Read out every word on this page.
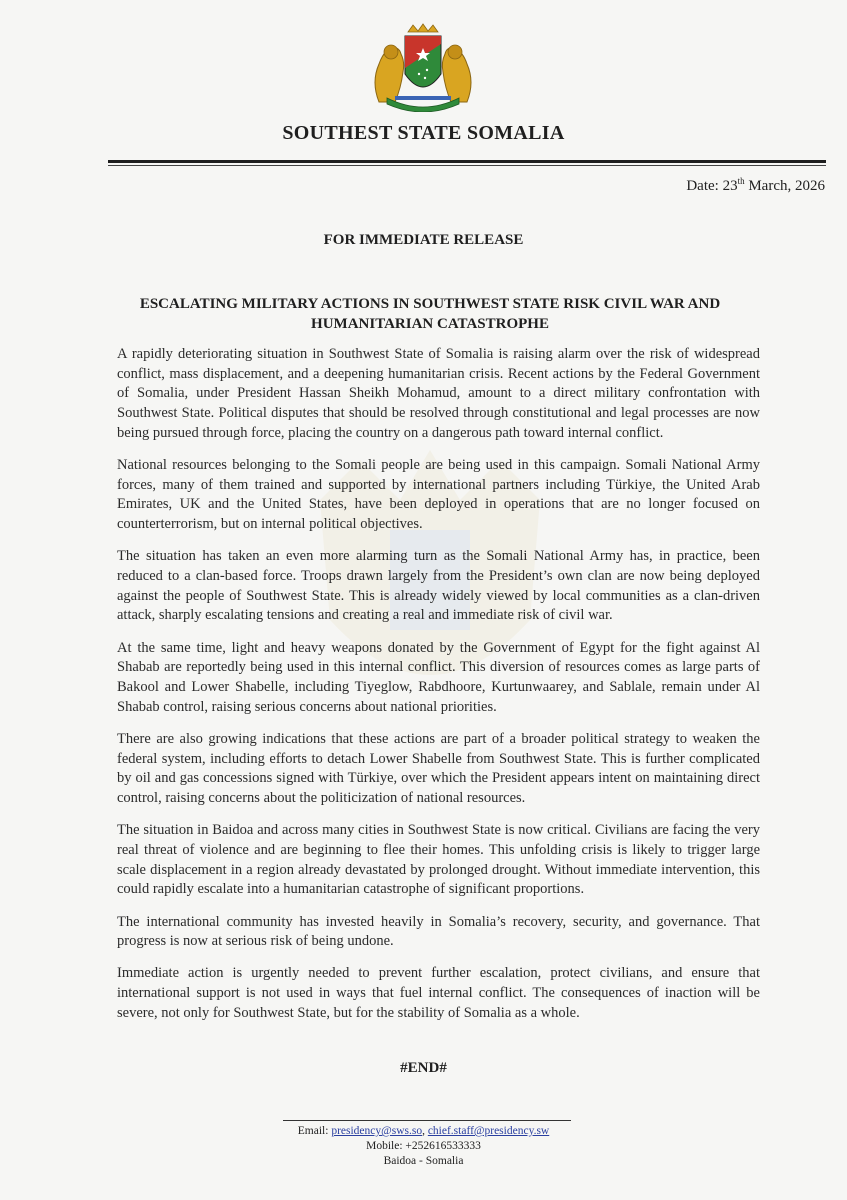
SOUTHEST STATE SOMALIA
Date: 23th March, 2026
FOR IMMEDIATE RELEASE
ESCALATING MILITARY ACTIONS IN SOUTHWEST STATE RISK CIVIL WAR AND
HUMANITARIAN CATASTROPHE

A rapidly deteriorating situation in Southwest State of Somalia is raising alarm over the risk of widespread conflict, mass displacement, and a deepening humanitarian crisis. Recent actions by the Federal Government of Somalia, under President Hassan Sheikh Mohamud, amount to a direct military confrontation with Southwest State. Political disputes that should be resolved through constitutional and legal processes are now being pursued through force, placing the country on a dangerous path toward internal conflict.

National resources belonging to the Somali people are being used in this campaign. Somali National Army forces, many of them trained and supported by international partners including Türkiye, the United Arab Emirates, UK and the United States, have been deployed in operations that are no longer focused on counterterrorism, but on internal political objectives.

The situation has taken an even more alarming turn as the Somali National Army has, in practice, been reduced to a clan-based force. Troops drawn largely from the President’s own clan are now being deployed against the people of Southwest State. This is already widely viewed by local communities as a clan-driven attack, sharply escalating tensions and creating a real and immediate risk of civil war.

At the same time, light and heavy weapons donated by the Government of Egypt for the fight against Al Shabab are reportedly being used in this internal conflict. This diversion of resources comes as large parts of Bakool and Lower Shabelle, including Tiyeglow, Rabdhoore, Kurtunwaarey, and Sablale, remain under Al Shabab control, raising serious concerns about national priorities.

There are also growing indications that these actions are part of a broader political strategy to weaken the federal system, including efforts to detach Lower Shabelle from Southwest State. This is further complicated by oil and gas concessions signed with Türkiye, over which the President appears intent on maintaining direct control, raising concerns about the politicization of national resources.

The situation in Baidoa and across many cities in Southwest State is now critical. Civilians are facing the very real threat of violence and are beginning to flee their homes. This unfolding crisis is likely to trigger large scale displacement in a region already devastated by prolonged drought. Without immediate intervention, this could rapidly escalate into a humanitarian catastrophe of significant proportions.

The international community has invested heavily in Somalia’s recovery, security, and governance. That progress is now at serious risk of being undone.

Immediate action is urgently needed to prevent further escalation, protect civilians, and ensure that international support is not used in ways that fuel internal conflict. The consequences of inaction will be severe, not only for Southwest State, but for the stability of Somalia as a whole.

#END#
Email: presidency@sws.so, chief.staff@presidency.sw
Mobile: +252616533333
Baidoa - Somalia
